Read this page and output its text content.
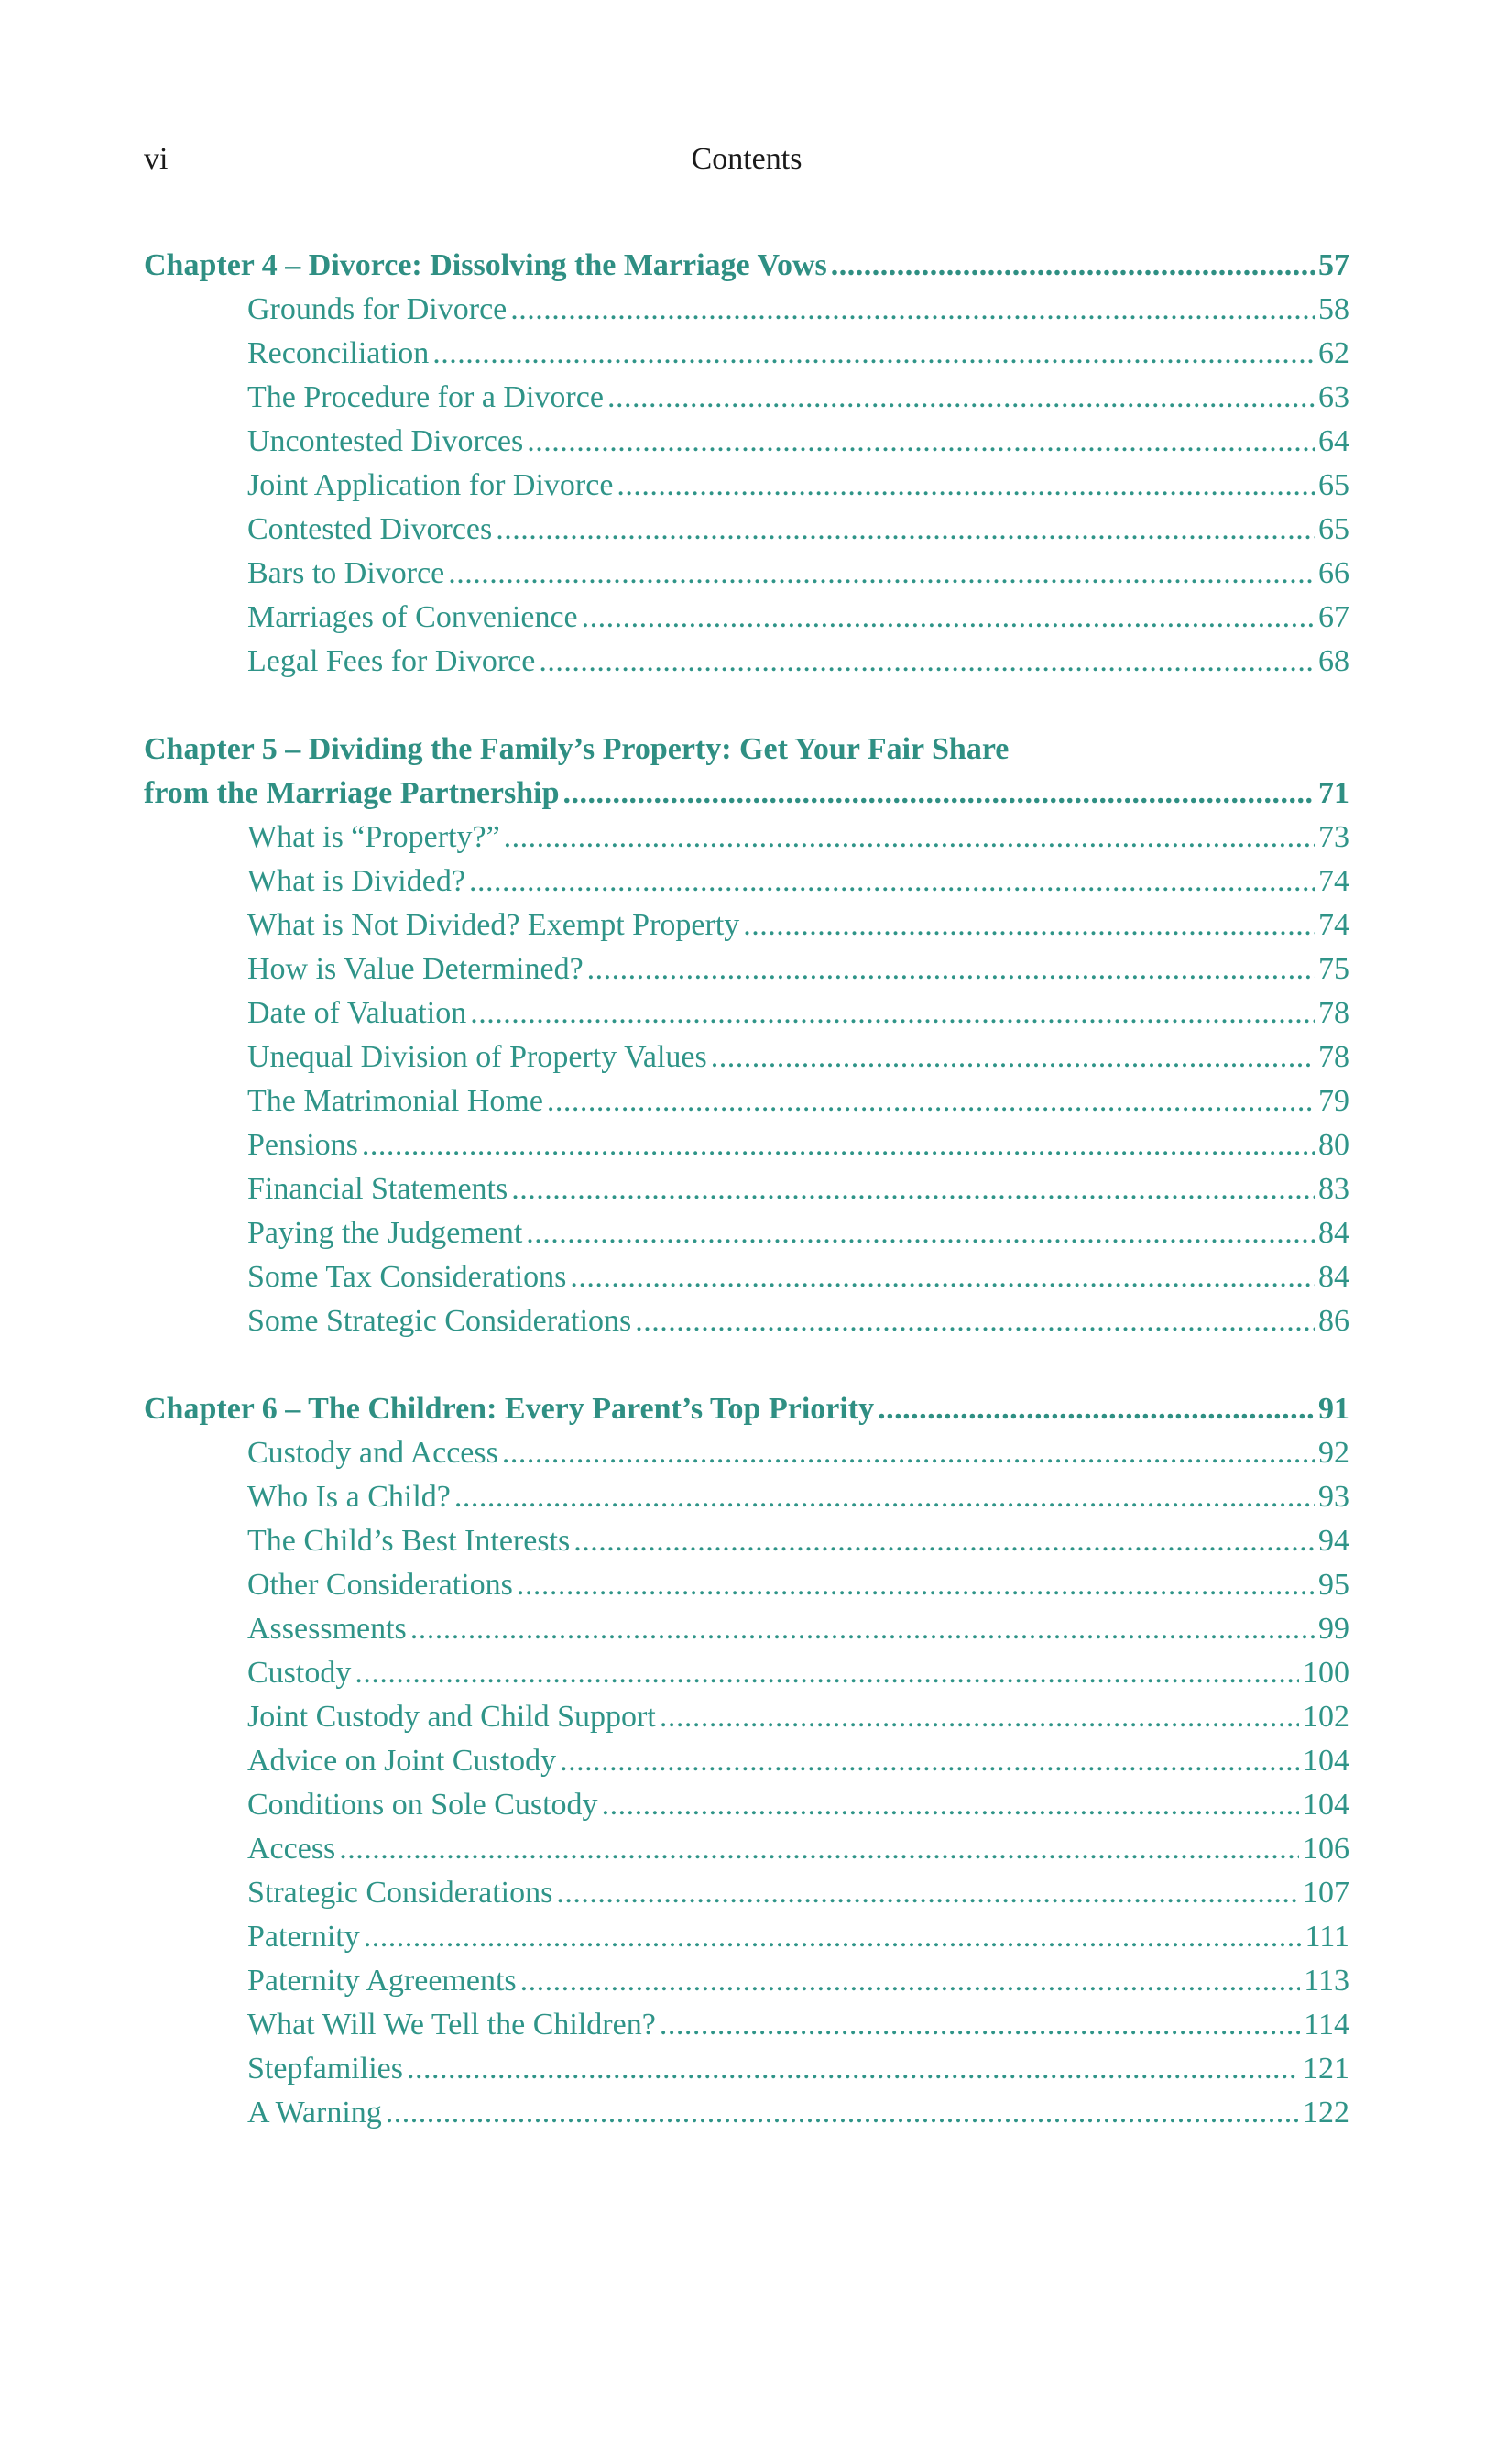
vi	Contents
Chapter 4 – Divorce: Dissolving the Marriage Vows . . .	57
Grounds for Divorce . . .	58
Reconciliation . . .	62
The Procedure for a Divorce . . .	63
Uncontested Divorces . . .	64
Joint Application for Divorce . . .	65
Contested Divorces . . .	65
Bars to Divorce . . .	66
Marriages of Convenience . . .	67
Legal Fees for Divorce . . .	68
Chapter 5 – Dividing the Family’s Property: Get Your Fair Share
from the Marriage Partnership . . .	71
What is “Property?” . . .	73
What is Divided? . . .	74
What is Not Divided? Exempt Property . . .	74
How is Value Determined? . . .	75
Date of Valuation . . .	78
Unequal Division of Property Values . . .	78
The Matrimonial Home . . .	79
Pensions . . .	80
Financial Statements . . .	83
Paying the Judgement . . .	84
Some Tax Considerations . . .	84
Some Strategic Considerations . . .	86
Chapter 6 – The Children: Every Parent’s Top Priority . . .	91
Custody and Access . . .	92
Who Is a Child? . . .	93
The Child’s Best Interests . . .	94
Other Considerations . . .	95
Assessments . . .	99
Custody . . .	100
Joint Custody and Child Support . . .	102
Advice on Joint Custody . . .	104
Conditions on Sole Custody . . .	104
Access . . .	106
Strategic Considerations . . .	107
Paternity . . .	111
Paternity Agreements . . .	113
What Will We Tell the Children? . . .	114
Stepfamilies . . .	121
A Warning . . .	122
